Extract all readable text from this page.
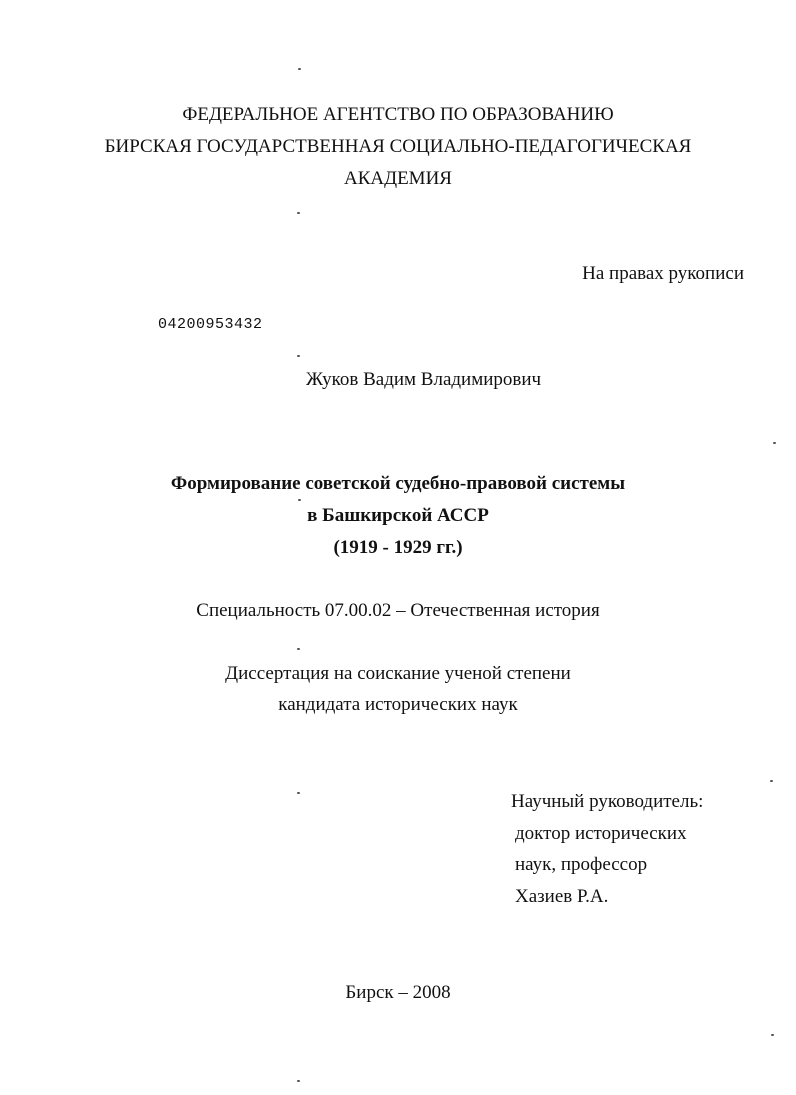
ФЕДЕРАЛЬНОЕ АГЕНТСТВО ПО ОБРАЗОВАНИЮ
БИРСКАЯ ГОСУДАРСТВЕННАЯ СОЦИАЛЬНО-ПЕДАГОГИЧЕСКАЯ
АКАДЕМИЯ
На правах рукописи
04200953432
Жуков Вадим Владимирович
Формирование советской судебно-правовой системы
в Башкирской АССР
(1919 - 1929 гг.)
Специальность 07.00.02 – Отечественная история
Диссертация на соискание ученой степени
кандидата исторических наук
Научный руководитель:
доктор исторических
наук, профессор
Хазиев Р.А.
Бирск – 2008
